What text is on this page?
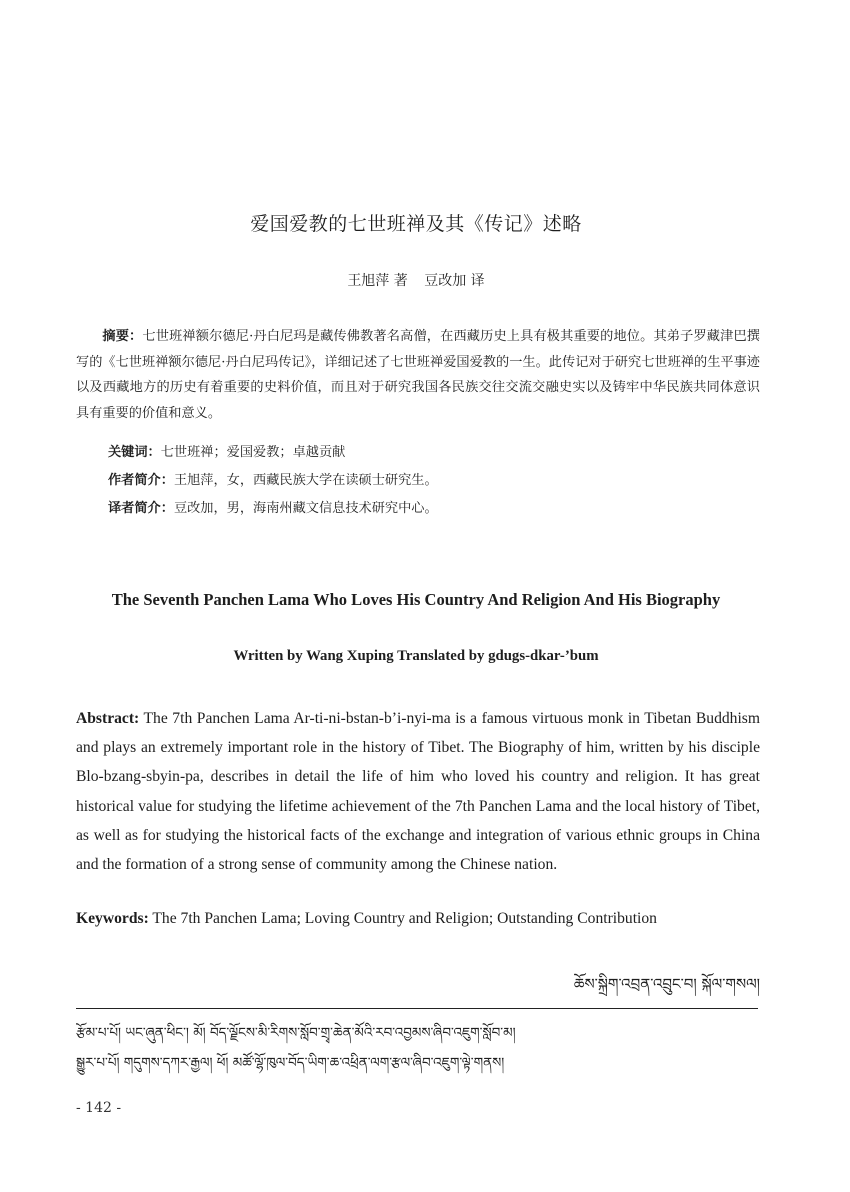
爱国爱教的七世班禅及其《传记》述略
王旭萍 著 豆改加 译
摘要：七世班禅额尔德尼·丹白尼玛是藏传佛教著名高僧，在西藏历史上具有极其重要的地位。其弟子罗藏津巴撰写的《七世班禅额尔德尼·丹白尼玛传记》，详细记述了七世班禅爱国爱教的一生。此传记对于研究七世班禅的生平事迹以及西藏地方的历史有着重要的史料价值，而且对于研究我国各民族交往交流交融史实以及铸牢中华民族共同体意识具有重要的价值和意义。
关键词：七世班禅；爱国爱教；卓越贡献
作者简介：王旭萍，女，西藏民族大学在读硕士研究生。
译者简介：豆改加，男，海南州藏文信息技术研究中心。
The Seventh Panchen Lama Who Loves His Country And Religion And His Biography
Written by Wang Xuping Translated by gdugs-dkar-’bum
Abstract: The 7th Panchen Lama Ar-ti-ni-bstan-b’i-nyi-ma is a famous virtuous monk in Tibetan Buddhism and plays an extremely important role in the history of Tibet. The Biography of him, written by his disciple Blo-bzang-sbyin-pa, describes in detail the life of him who loved his country and religion. It has great historical value for studying the lifetime achievement of the 7th Panchen Lama and the local history of Tibet, as well as for studying the historical facts of the exchange and integration of various ethnic groups in China and the formation of a strong sense of community among the Chinese nation.
Keywords: The 7th Panchen Lama; Loving Country and Religion; Outstanding Contribution
ཆོས་སྐྲིག་འབྲན་འབྲུང་བ། སྐོལ་གསལ།
རྩོམ་པ་པོ། ཡང་ཞུན་ཕིང་། མོ། བོད་ལྗོངས་མི་རིགས་སློབ་གྲྭ་ཆེན་མོའི་རབ་འབྱམས་ཞིབ་འཇུག་སློབ་མ།
སྒྱུར་པ་པོ། གདུགས་དཀར་རྒྱལ། ཕོ། མཚོ་ལྷོ་ཁུལ་བོད་ཡིག་ཆ་འཕྲིན་ལག་རྩལ་ཞིབ་འཇུག་ལྟེ་གནས།
- 142 -
